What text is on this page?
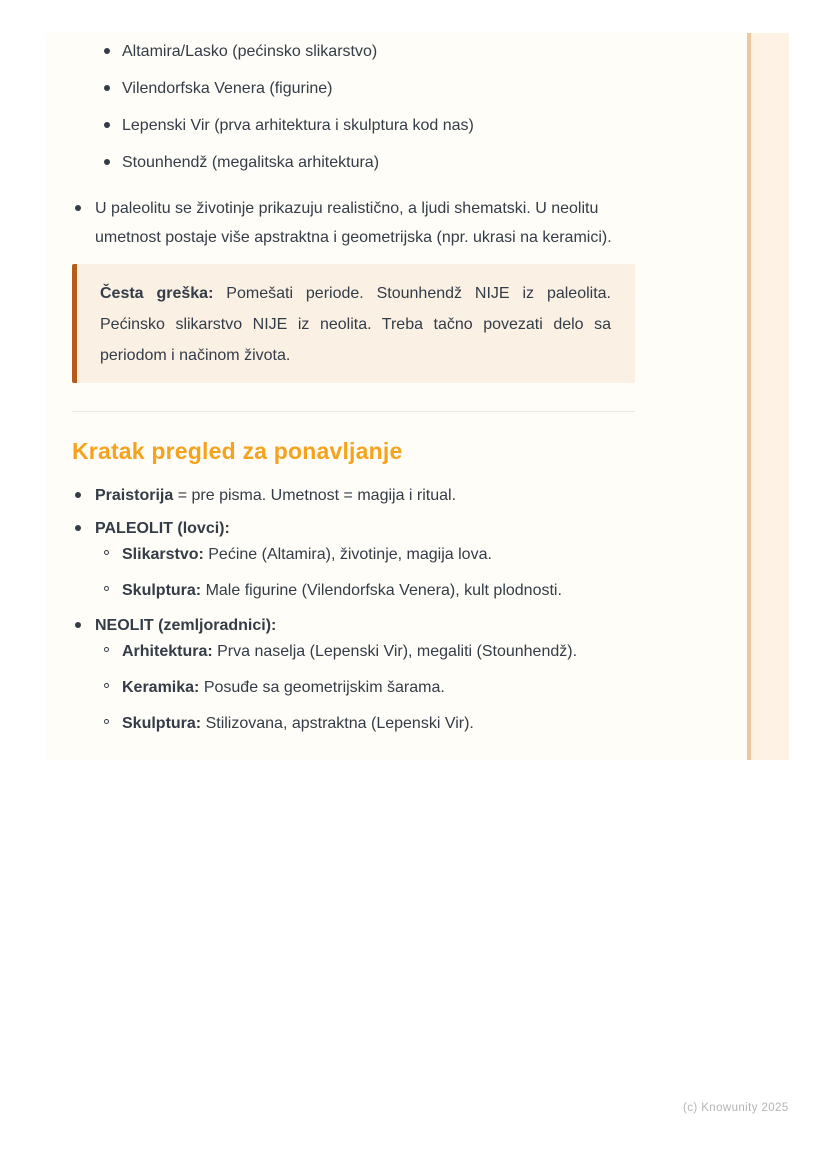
Altamira/Lasko (pećinsko slikarstvo)
Vilendorfska Venera (figurine)
Lepenski Vir (prva arhitektura i skulptura kod nas)
Stounhendž (megalitska arhitektura)
U paleolitu se životinje prikazuju realistično, a ljudi shematski. U neolitu umetnost postaje više apstraktna i geometrijska (npr. ukrasi na keramici).
Česta greška: Pomešati periode. Stounhendž NIJE iz paleolita. Pećinsko slikarstvo NIJE iz neolita. Treba tačno povezati delo sa periodom i načinom života.
Kratak pregled za ponavljanje
Praistorija = pre pisma. Umetnost = magija i ritual.
PALEOLIT (lovci):
Slikarstvo: Pećine (Altamira), životinje, magija lova.
Skulptura: Male figurine (Vilendorfska Venera), kult plodnosti.
NEOLIT (zemljoradnici):
Arhitektura: Prva naselja (Lepenski Vir), megaliti (Stounhendž).
Keramika: Posuđe sa geometrijskim šarama.
Skulptura: Stilizovana, apstraktna (Lepenski Vir).
(c) Knowunity 2025
